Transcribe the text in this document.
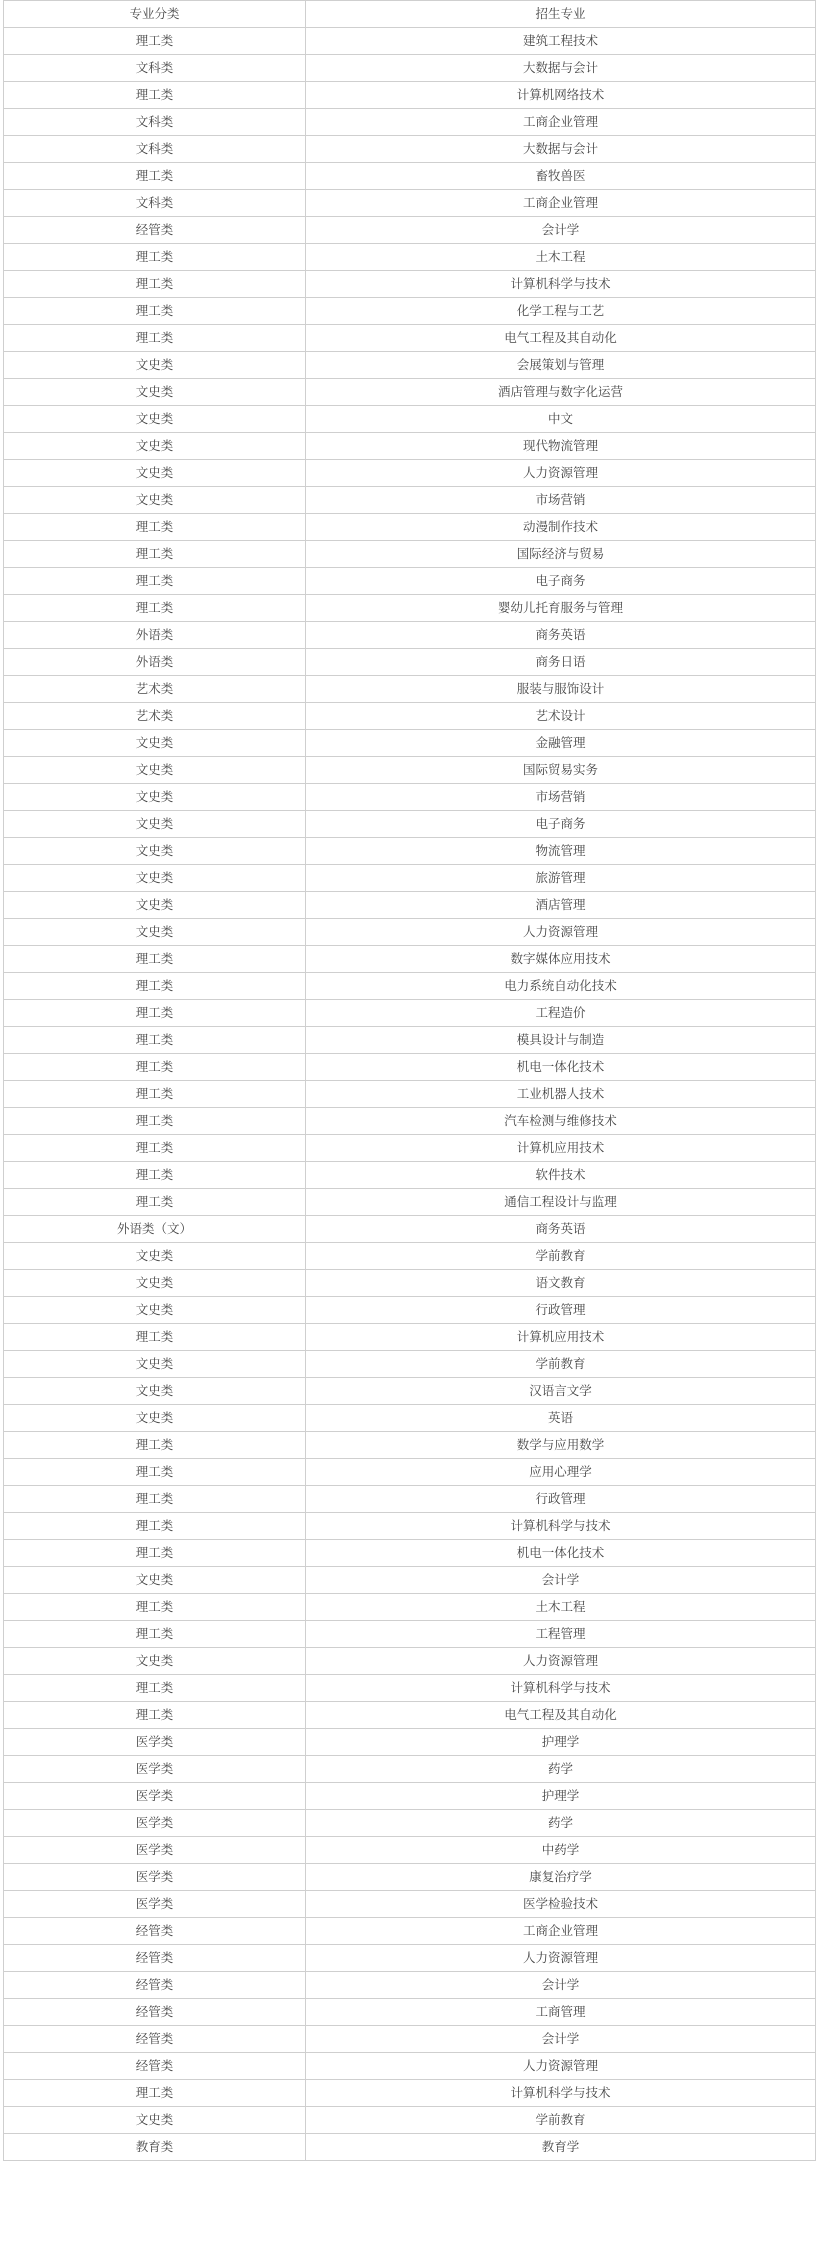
专业分类	招生专业
理工类	建筑工程技术
文科类	大数据与会计
理工类	计算机网络技术
文科类	工商企业管理
文科类	大数据与会计
理工类	畜牧兽医
文科类	工商企业管理
经管类	会计学
理工类	土木工程
理工类	计算机科学与技术
理工类	化学工程与工艺
理工类	电气工程及其自动化
文史类	会展策划与管理
文史类	酒店管理与数字化运营
文史类	中文
文史类	现代物流管理
文史类	人力资源管理
文史类	市场营销
理工类	动漫制作技术
理工类	国际经济与贸易
理工类	电子商务
理工类	婴幼儿托育服务与管理
外语类	商务英语
外语类	商务日语
艺术类	服装与服饰设计
艺术类	艺术设计
文史类	金融管理
文史类	国际贸易实务
文史类	市场营销
文史类	电子商务
文史类	物流管理
文史类	旅游管理
文史类	酒店管理
文史类	人力资源管理
理工类	数字媒体应用技术
理工类	电力系统自动化技术
理工类	工程造价
理工类	模具设计与制造
理工类	机电一体化技术
理工类	工业机器人技术
理工类	汽车检测与维修技术
理工类	计算机应用技术
理工类	软件技术
理工类	通信工程设计与监理
外语类（文）	商务英语
文史类	学前教育
文史类	语文教育
文史类	行政管理
理工类	计算机应用技术
文史类	学前教育
文史类	汉语言文学
文史类	英语
理工类	数学与应用数学
理工类	应用心理学
理工类	行政管理
理工类	计算机科学与技术
理工类	机电一体化技术
文史类	会计学
理工类	土木工程
理工类	工程管理
文史类	人力资源管理
理工类	计算机科学与技术
理工类	电气工程及其自动化
医学类	护理学
医学类	药学
医学类	护理学
医学类	药学
医学类	中药学
医学类	康复治疗学
医学类	医学检验技术
经管类	工商企业管理
经管类	人力资源管理
经管类	会计学
经管类	工商管理
经管类	会计学
经管类	人力资源管理
理工类	计算机科学与技术
文史类	学前教育
教育类	教育学
